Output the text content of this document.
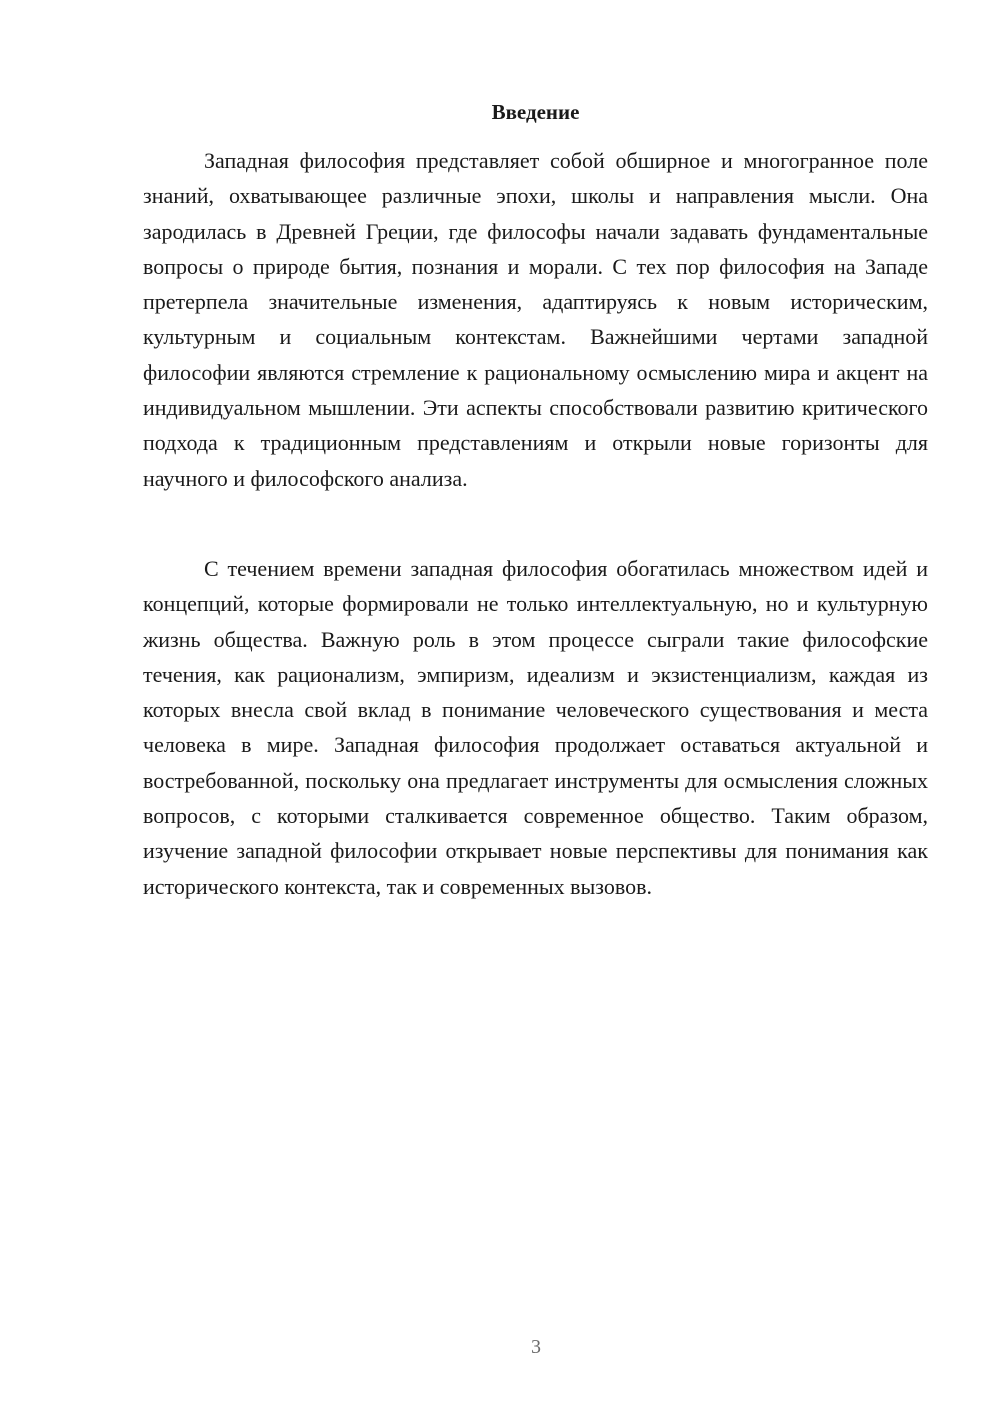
Введение

Западная философия представляет собой обширное и многогранное поле знаний, охватывающее различные эпохи, школы и направления мысли. Она зародилась в Древней Греции, где философы начали задавать фундаментальные вопросы о природе бытия, познания и морали. С тех пор философия на Западе претерпела значительные изменения, адаптируясь к новым историческим, культурным и социальным контекстам. Важнейшими чертами западной философии являются стремление к рациональному осмыслению мира и акцент на индивидуальном мышлении. Эти аспекты способствовали развитию критического подхода к традиционным представлениям и открыли новые горизонты для научного и философского анализа.

С течением времени западная философия обогатилась множеством идей и концепций, которые формировали не только интеллектуальную, но и культурную жизнь общества. Важную роль в этом процессе сыграли такие философские течения, как рационализм, эмпиризм, идеализм и экзистенциализм, каждая из которых внесла свой вклад в понимание человеческого существования и места человека в мире. Западная философия продолжает оставаться актуальной и востребованной, поскольку она предлагает инструменты для осмысления сложных вопросов, с которыми сталкивается современное общество. Таким образом, изучение западной философии открывает новые перспективы для понимания как исторического контекста, так и современных вызовов.

3
